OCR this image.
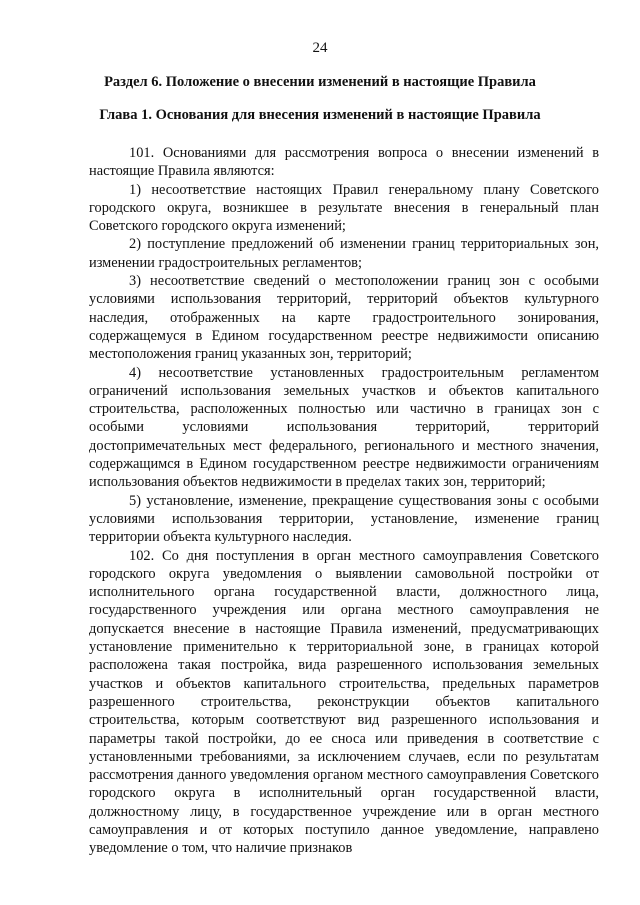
24
Раздел 6. Положение о внесении изменений в настоящие Правила
Глава 1. Основания для внесения изменений в настоящие Правила

101. Основаниями для рассмотрения вопроса о внесении изменений в настоящие Правила являются:

1) несоответствие настоящих Правил генеральному плану Советского городского округа, возникшее в результате внесения в генеральный план Советского городского округа изменений;

2) поступление предложений об изменении границ территориальных зон, изменении градостроительных регламентов;

3) несоответствие сведений о местоположении границ зон с особыми условиями использования территорий, территорий объектов культурного наследия, отображенных на карте градостроительного зонирования, содержащемуся в Едином государственном реестре недвижимости описанию местоположения границ указанных зон, территорий;

4) несоответствие установленных градостроительным регламентом ограничений использования земельных участков и объектов капитального строительства, расположенных полностью или частично в границах зон с особыми условиями использования территорий, территорий достопримечательных мест федерального, регионального и местного значения, содержащимся в Едином государственном реестре недвижимости ограничениям использования объектов недвижимости в пределах таких зон, территорий;

5) установление, изменение, прекращение существования зоны с особыми условиями использования территории, установление, изменение границ территории объекта культурного наследия.

102. Со дня поступления в орган местного самоуправления Советского городского округа уведомления о выявлении самовольной постройки от исполнительного органа государственной власти, должностного лица, государственного учреждения или органа местного самоуправления не допускается внесение в настоящие Правила изменений, предусматривающих установление применительно к территориальной зоне, в границах которой расположена такая постройка, вида разрешенного использования земельных участков и объектов капитального строительства, предельных параметров разрешенного строительства, реконструкции объектов капитального строительства, которым соответствуют вид разрешенного использования и параметры такой постройки, до ее сноса или приведения в соответствие с установленными требованиями, за исключением случаев, если по результатам рассмотрения данного уведомления органом местного самоуправления Советского городского округа в исполнительный орган государственной власти, должностному лицу, в государственное учреждение или в орган местного самоуправления и от которых поступило данное уведомление, направлено уведомление о том, что наличие признаков
